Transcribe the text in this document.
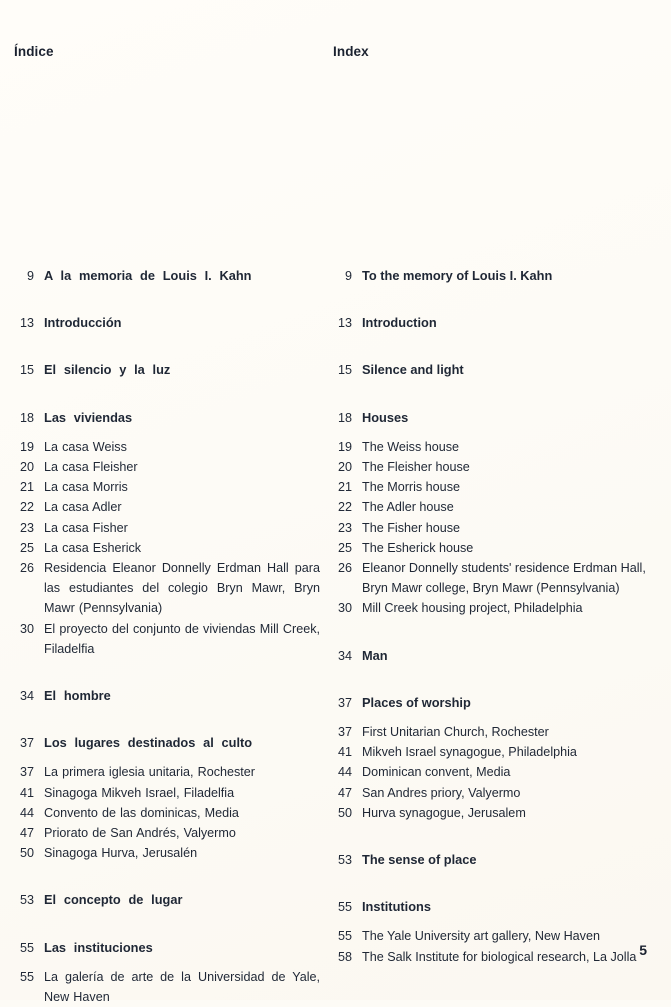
Índice	Index
9 A la memoria de Louis I. Kahn
13 Introducción
15 El silencio y la luz
18 Las viviendas
19 La casa Weiss
20 La casa Fleisher
21 La casa Morris
22 La casa Adler
23 La casa Fisher
25 La casa Esherick
26 Residencia Eleanor Donnelly Erdman Hall para las estudiantes del colegio Bryn Mawr, Bryn Mawr (Pennsylvania)
30 El proyecto del conjunto de viviendas Mill Creek, Filadelfia
34 El hombre
37 Los lugares destinados al culto
37 La primera iglesia unitaria, Rochester
41 Sinagoga Mikveh Israel, Filadelfia
44 Convento de las dominicas, Media
47 Priorato de San Andrés, Valyermo
50 Sinagoga Hurva, Jerusalén
53 El concepto de lugar
55 Las instituciones
55 La galería de arte de la Universidad de Yale, New Haven
9 To the memory of Louis I. Kahn
13 Introduction
15 Silence and light
18 Houses
19 The Weiss house
20 The Fleisher house
21 The Morris house
22 The Adler house
23 The Fisher house
25 The Esherick house
26 Eleanor Donnelly students' residence Erdman Hall, Bryn Mawr college, Bryn Mawr (Pennsylvania)
30 Mill Creek housing project, Philadelphia
34 Man
37 Places of worship
37 First Unitarian Church, Rochester
41 Mikveh Israel synagogue, Philadelphia
44 Dominican convent, Media
47 San Andres priory, Valyermo
50 Hurva synagogue, Jerusalem
53 The sense of place
55 Institutions
55 The Yale University art gallery, New Haven
58 The Salk Institute for biological research, La Jolla 5
